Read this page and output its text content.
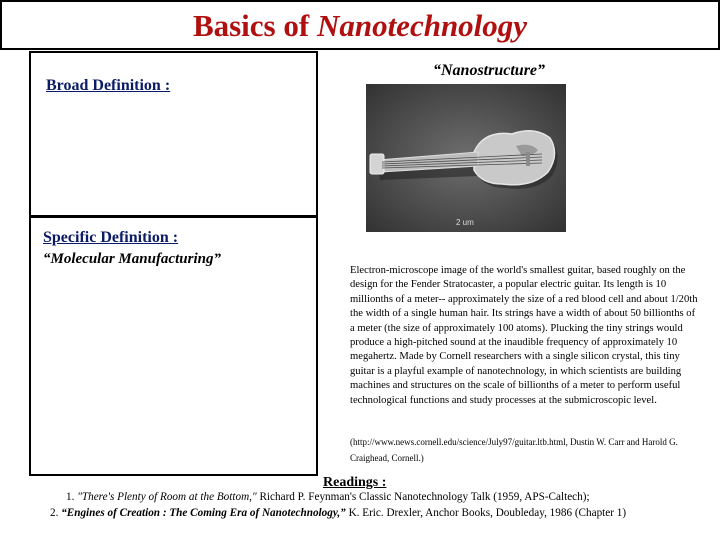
Basics of Nanotechnology
Broad Definition :
Specific Definition :
“Molecular Manufacturing”
“Nanostructure”
2 um
Electron-microscope image of the world's smallest guitar, based roughly on the design for the Fender Stratocaster, a popular electric guitar. Its length is 10 millionths of a meter-- approximately the size of a red blood cell and about 1/20th the width of a single human hair. Its strings have a width of about 50 billionths of a meter (the size of approximately 100 atoms). Plucking the tiny strings would produce a high-pitched sound at the inaudible frequency of approximately 10 megahertz. Made by Cornell researchers with a single silicon crystal, this tiny guitar is a playful example of nanotechnology, in which scientists are building machines and structures on the scale of billionths of a meter to perform useful technological functions and study processes at the submicroscopic level.
(http://www.news.cornell.edu/science/July97/guitar.ltb.html, Dustin W. Carr and Harold G. Craighead, Cornell.)
Readings :
1. "There's Plenty of Room at the Bottom," Richard P. Feynman's Classic Nanotechnology Talk (1959, APS-Caltech);
2. “Engines of Creation : The Coming Era of Nanotechnology,” K. Eric. Drexler, Anchor Books, Doubleday, 1986 (Chapter 1)
